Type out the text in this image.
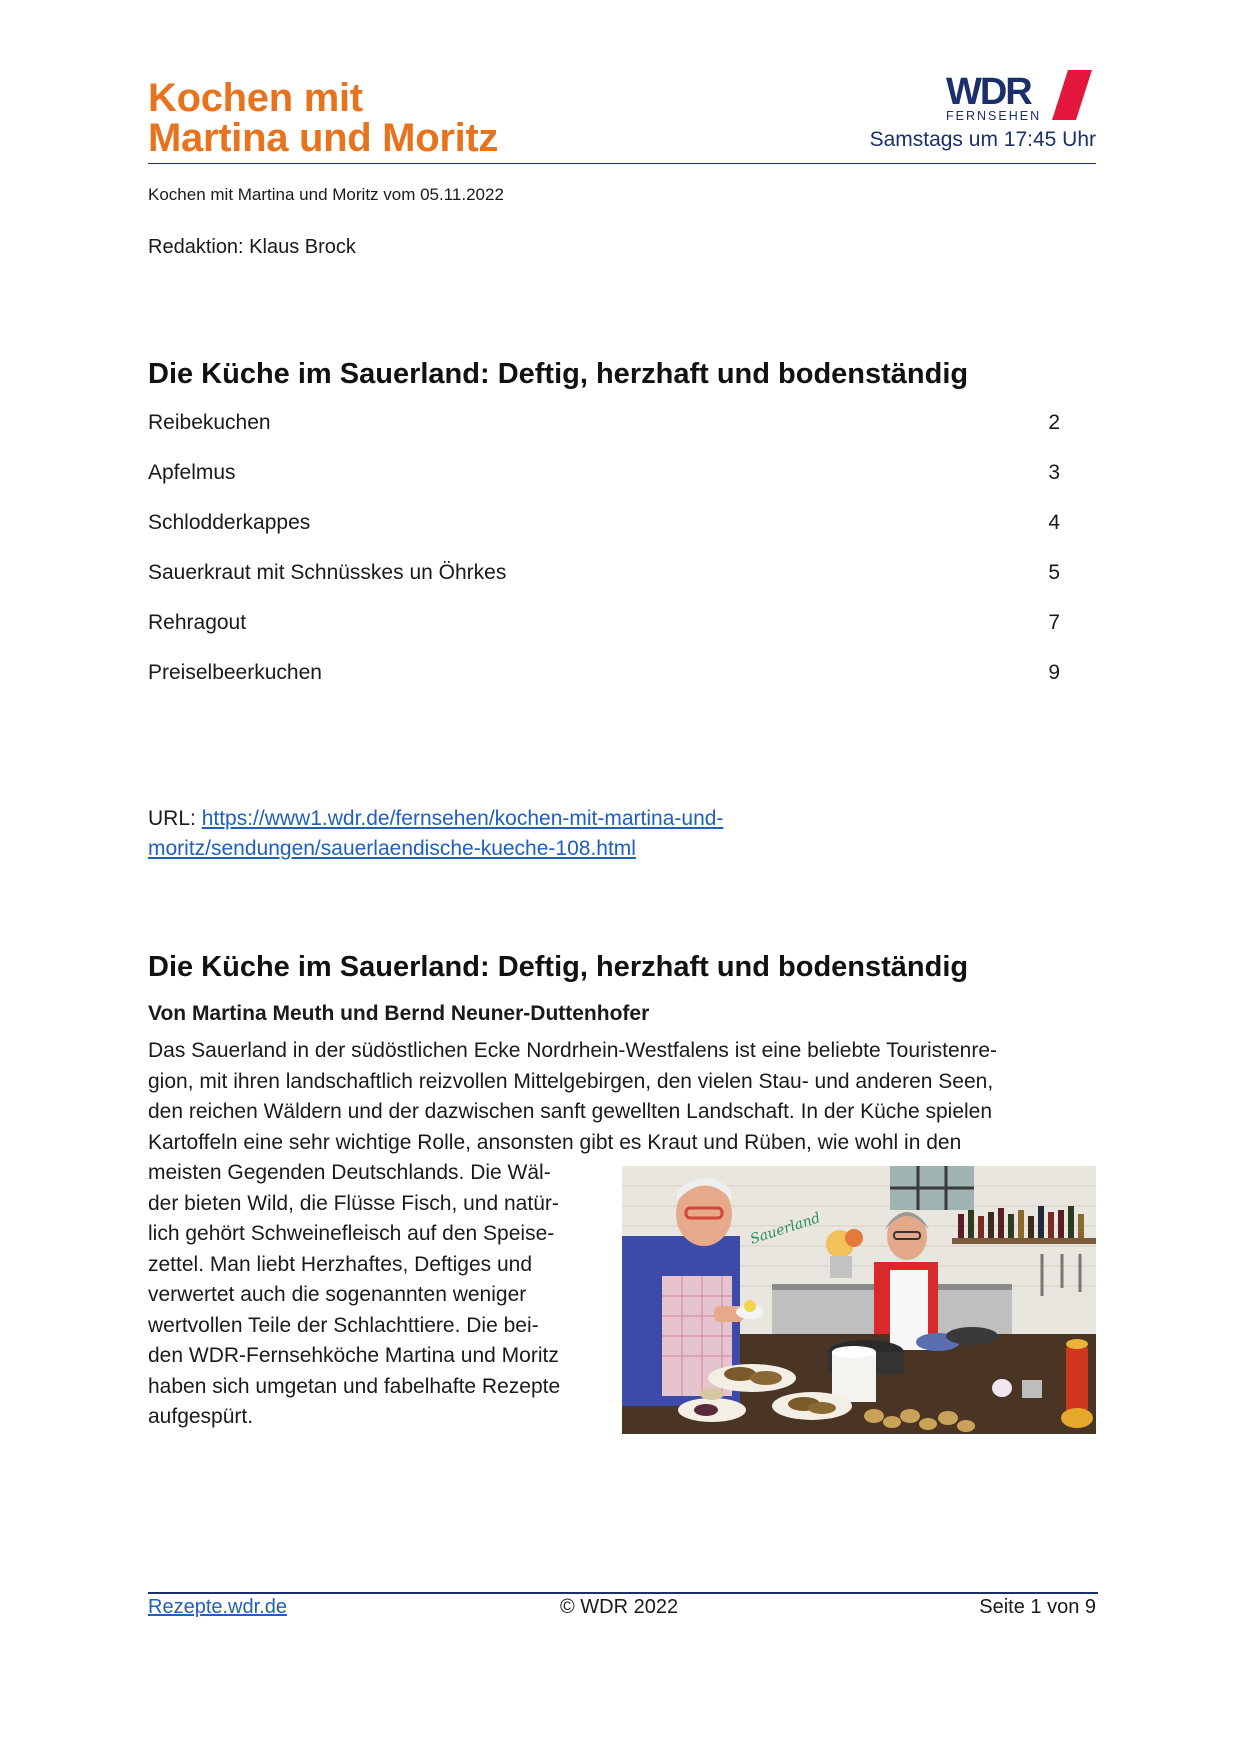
Kochen mit
Martina und Moritz
WDR
FERNSEHEN
Samstags um 17:45 Uhr
Kochen mit Martina und Moritz vom 05.11.2022
Redaktion: Klaus Brock
Die Küche im Sauerland: Deftig, herzhaft und bodenständig
Reibekuchen	2
Apfelmus	3
Schlodderkappes	4
Sauerkraut mit Schnüsskes un Öhrkes	5
Rehragout	7
Preiselbeerkuchen	9
URL: https://www1.wdr.de/fernsehen/kochen-mit-martina-und-
moritz/sendungen/sauerlaendische-kueche-108.html
Die Küche im Sauerland: Deftig, herzhaft und bodenständig
Von Martina Meuth und Bernd Neuner-Duttenhofer

Das Sauerland in der südöstlichen Ecke Nordrhein-Westfalens ist eine beliebte Touristenre-

gion, mit ihren landschaftlich reizvollen Mittelgebirgen, den vielen Stau- und anderen Seen,

den reichen Wäldern und der dazwischen sanft gewellten Landschaft. In der Küche spielen

Kartoffeln eine sehr wichtige Rolle, ansonsten gibt es Kraut und Rüben, wie wohl in den

meisten Gegenden Deutschlands. Die Wäl-

der bieten Wild, die Flüsse Fisch, und natür-

lich gehört Schweinefleisch auf den Speise-

zettel. Man liebt Herzhaftes, Deftiges und

verwertet auch die sogenannten weniger

wertvollen Teile der Schlachttiere. Die bei-

den WDR-Fernsehköche Martina und Moritz

haben sich umgetan und fabelhafte Rezepte

aufgespürt.

Sauerland
Rezepte.wdr.de	© WDR 2022	Seite 1 von 9
